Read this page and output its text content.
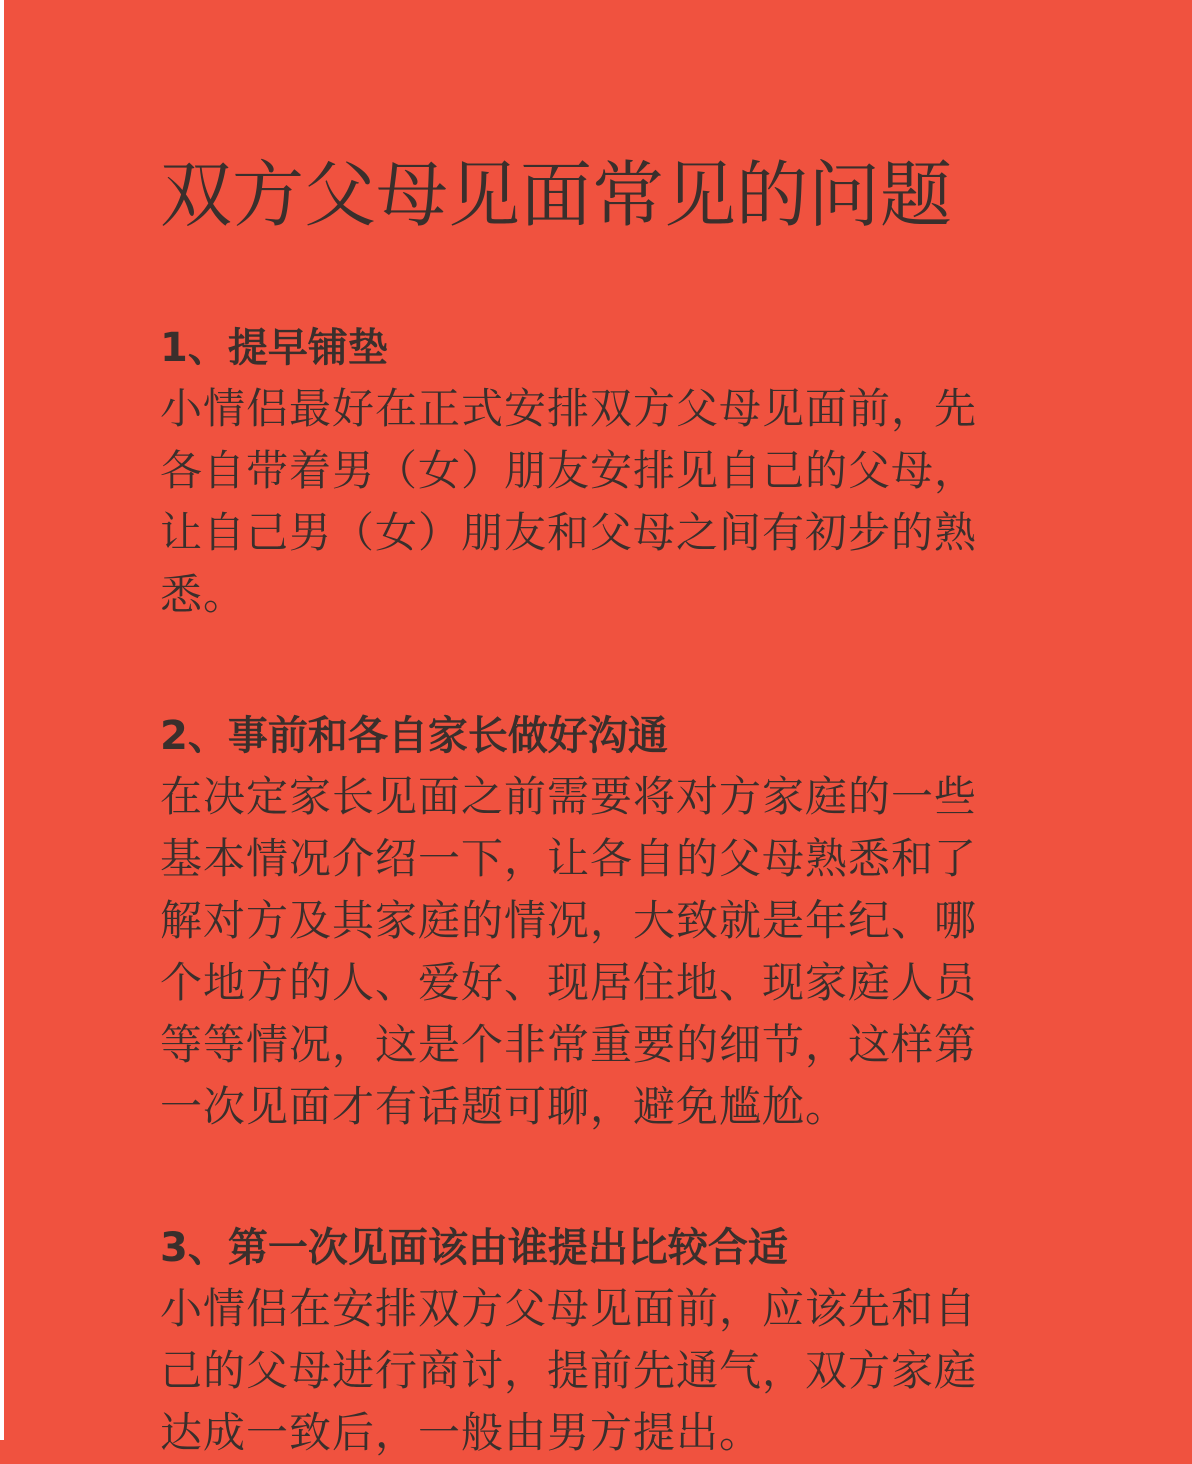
双方父母见面常见的问题
1、提早铺垫

小情侣最好在正式安排双方父母见面前，先
各自带着男（女）朋友安排见自己的父母，
让自己男（女）朋友和父母之间有初步的熟
悉。

2、事前和各自家长做好沟通

在决定家长见面之前需要将对方家庭的一些
基本情况介绍一下，让各自的父母熟悉和了
解对方及其家庭的情况，大致就是年纪、哪
个地方的人、爱好、现居住地、现家庭人员
等等情况，这是个非常重要的细节，这样第
一次见面才有话题可聊，避免尴尬。

3、第一次见面该由谁提出比较合适

小情侣在安排双方父母见面前，应该先和自
己的父母进行商讨，提前先通气，双方家庭
达成一致后，一般由男方提出。
